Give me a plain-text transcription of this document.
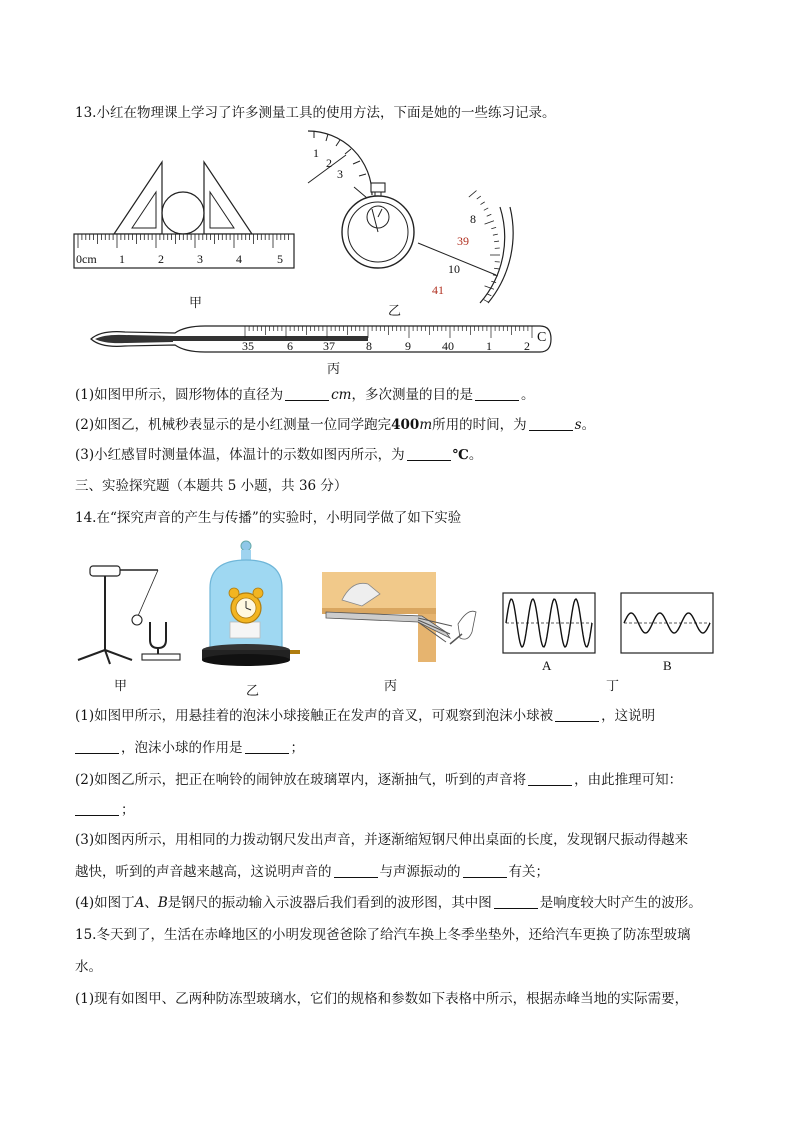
13.小红在物理课上学习了许多测量工具的使用方法，下面是她的一些练习记录。
0cm 1	2	3	4	5
甲
1
2
3
8
39
10
41
乙
35	6	37	8	9	40	1	2
C
丙
(1)如图甲所示，圆形物体的直径为	cm，多次测量的目的是	。
(2)如图乙，机械秒表显示的是小红测量一位同学跑完400m所用的时间，为	s。
(3)小红感冒时测量体温，体温计的示数如图丙所示，为	℃。
三、实验探究题（本题共 5 小题，共 36 分）
14.在“探究声音的产生与传播”的实验时，小明同学做了如下实验
甲	乙	丙
A	B
丁
(1)如图甲所示，用悬挂着的泡沫小球接触正在发声的音叉，可观察到泡沫小球被	，这说明
，泡沫小球的作用是	；
(2)如图乙所示，把正在响铃的闹钟放在玻璃罩内，逐渐抽气，听到的声音将	，由此推理可知：
；
(3)如图丙所示，用相同的力拨动钢尺发出声音，并逐渐缩短钢尺伸出桌面的长度，发现钢尺振动得越来
越快，听到的声音越来越高，这说明声音的	与声源振动的	有关；
(4)如图丁A、B是钢尺的振动输入示波器后我们看到的波形图，其中图	是响度较大时产生的波形。
15.冬天到了，生活在赤峰地区的小明发现爸爸除了给汽车换上冬季坐垫外，还给汽车更换了防冻型玻璃
水。
(1)现有如图甲、乙两种防冻型玻璃水，它们的规格和参数如下表格中所示，根据赤峰当地的实际需要，
